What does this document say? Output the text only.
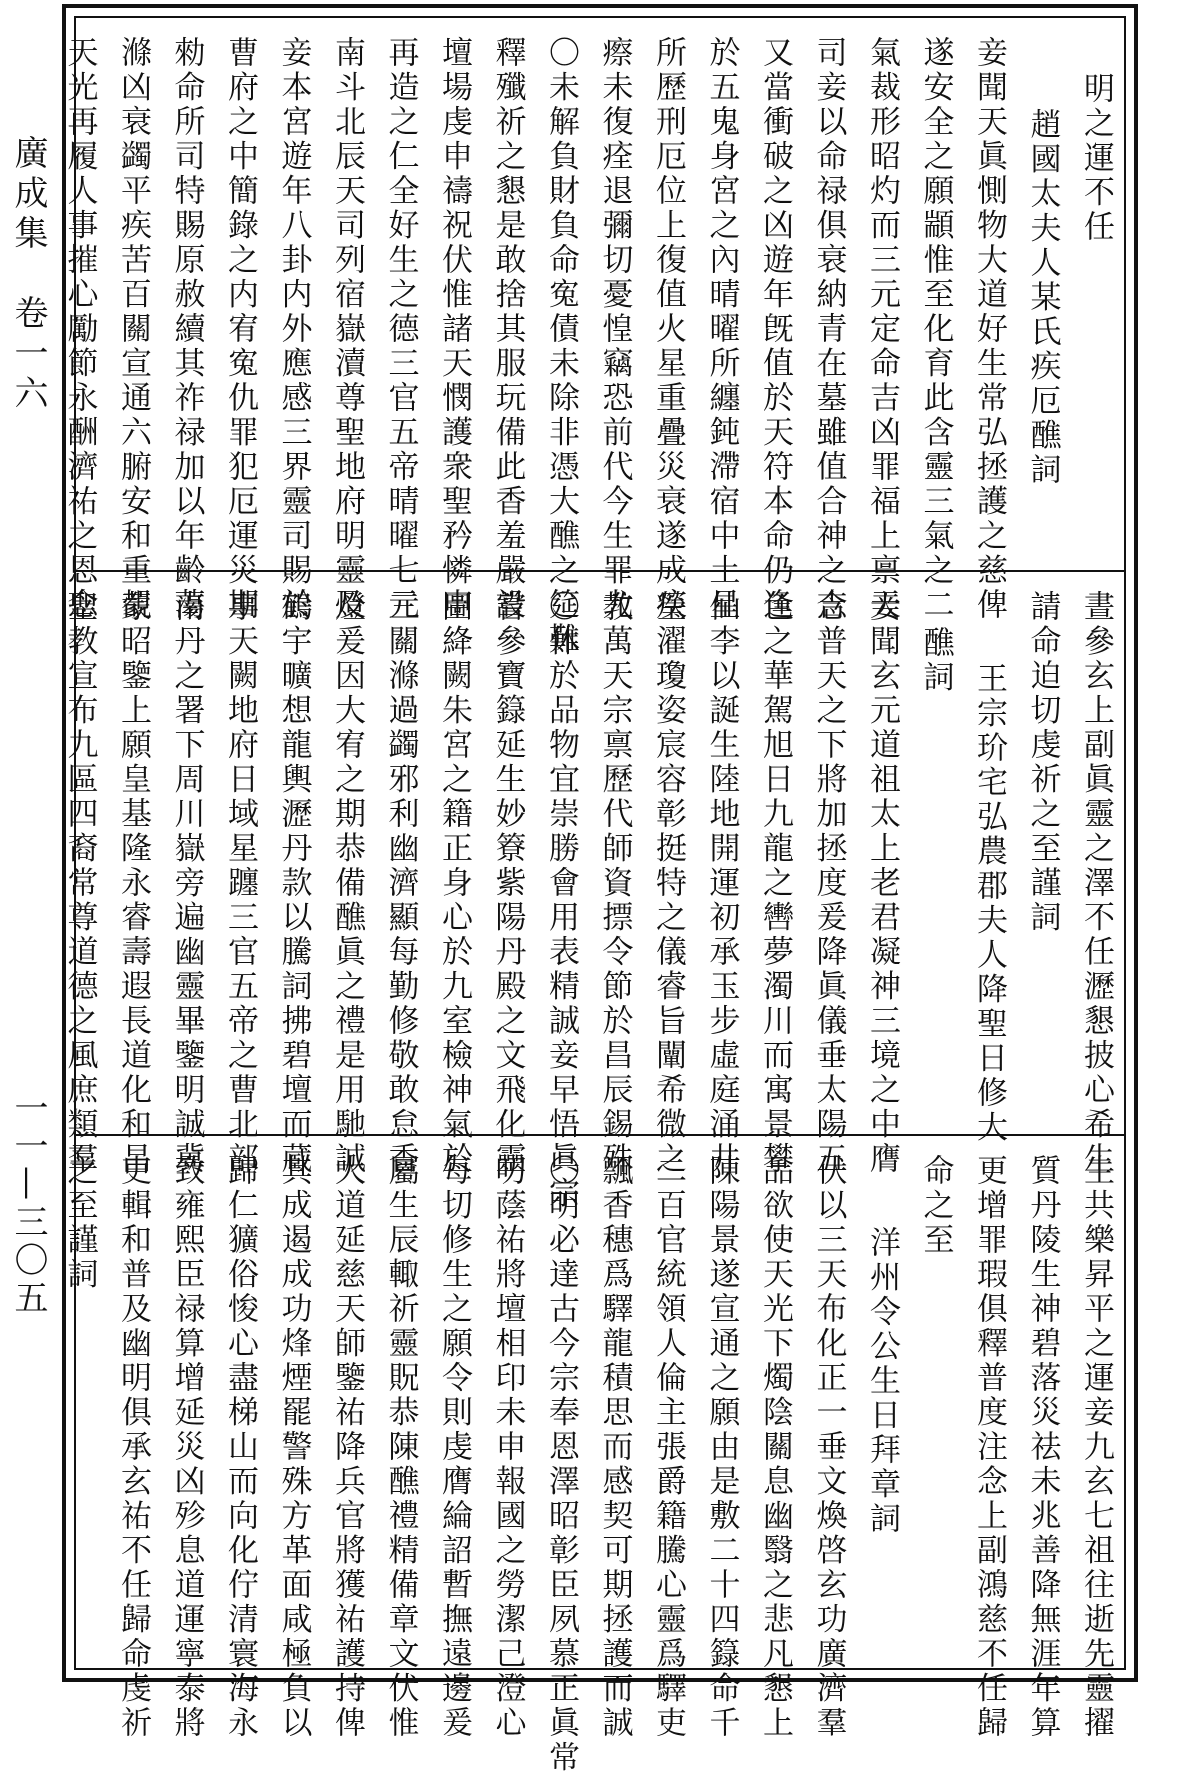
廣成集　卷一六
一一—三〇五
明之運不任
趙國太夫人某氏疾厄醮詞
妾聞天眞惻物大道好生常弘拯護之慈俾
遂安全之願顓惟至化育此含靈三氣之二
氣裁形昭灼而三元定命吉凶罪福上禀天
司妾以命禄俱衰納青在墓雖值合神之吉
又當衝破之凶遊年旣值於天符本命仍逢
於五鬼身宮之內晴曜所纏鈍滯宿中土星
所歷刑厄位上復值火星重疊災衰遂成疾
瘵未復痊退彌切憂惶竊恐前代今生罪尤
〇未解負財負命寃債未除非憑大醮之筵難
釋殲祈之懇是敢捨其服玩備此香羞嚴設
壇場虔申禱祝伏惟諸天憫護衆聖矜憐申
再造之仁全好生之德三官五帝晴曜七元
南斗北辰天司列宿嶽瀆尊聖地府明靈及
妾本宮遊年八卦内外應感三界靈司賜於
曹府之中簡錄之内宥寃仇罪犯厄運災期
勑命所司特賜原赦續其祚禄加以年齡蕩
滌凶衰蠲平疾苦百關宣通六腑安和重覩
天光再履人事摧心勵節永酬濟祐之恩念
晝參玄上副眞靈之澤不任瀝懇披心希生
請命迫切虔祈之至謹詞
王宗玠宅弘農郡夫人降聖日修大
醮詞
妾聞玄元道祖太上老君凝神三境之中膺
念普天之下將加拯度爰降眞儀垂太陽五
色之華駕旭日九龍之轡夢濁川而寓景攀
仙李以誕生陸地開運初承玉步虛庭涌井
瑩濯瓊姿宸容彰挺特之儀睿旨闡希微之
教萬天宗禀歷代師資摽令節於昌辰錫殊
〇休於品物宜崇勝會用表精誠妾早悟眞宗
嘗參寶籙延生妙簝紫陽丹殿之文飛化靈
圖絳闕朱宮之籍正身心於九室檢神氣於
三關滌過蠲邪利幽濟顯每勤修敬敢怠香
燈爰因大宥之期恭備醮眞之禮是用馳誠
鶴宇曠想龍輿瀝丹款以騰詞拂碧壇而蔵
事天闕地府日域星躔三官五帝之曹北部
南丹之署下周川嶽旁遍幽靈畢鑒明誠冀
蒙昭鑒上願皇基隆永睿壽遐長道化和昌
聖教宣布九區四裔常尊道德之風庶類羣
生共樂昇平之運妾九玄七祖往逝先靈擢
質丹陵生神碧落災祛未兆善降無涯年算
更增罪瑕俱釋普度注念上副鴻慈不任歸
命之至
洋州令公生日拜章詞
伏以三天布化正一垂文煥啓玄功廣濟羣
品欲使天光下燭陰關息幽翳之悲凡懇上
陳陽景遂宣通之願由是敷二十四籙命千
二百官統領人倫主張爵籍騰心靈爲驛吏
飄香穗爲驛龍積思而感契可期拯護而誠
〇明必達古今宗奉恩澤昭彰臣夙慕正眞常
叨蔭祐將壇相印未申報國之勞潔己澄心
每切修生之願令則虔膺綸詔暫撫遠邊爰
屬生辰輙祈靈貺恭陳醮禮精備章文伏惟
大道延慈天師鑒祐降兵官將獲祐護持俾
其成遏成功烽煙罷警殊方革面咸極負以
歸仁獷俗悛心盡梯山而向化佇清寰海永
致雍熙臣禄算增延災凶殄息道運寧泰將
吏輯和普及幽明俱承玄祐不任歸命虔祈
之至謹詞
